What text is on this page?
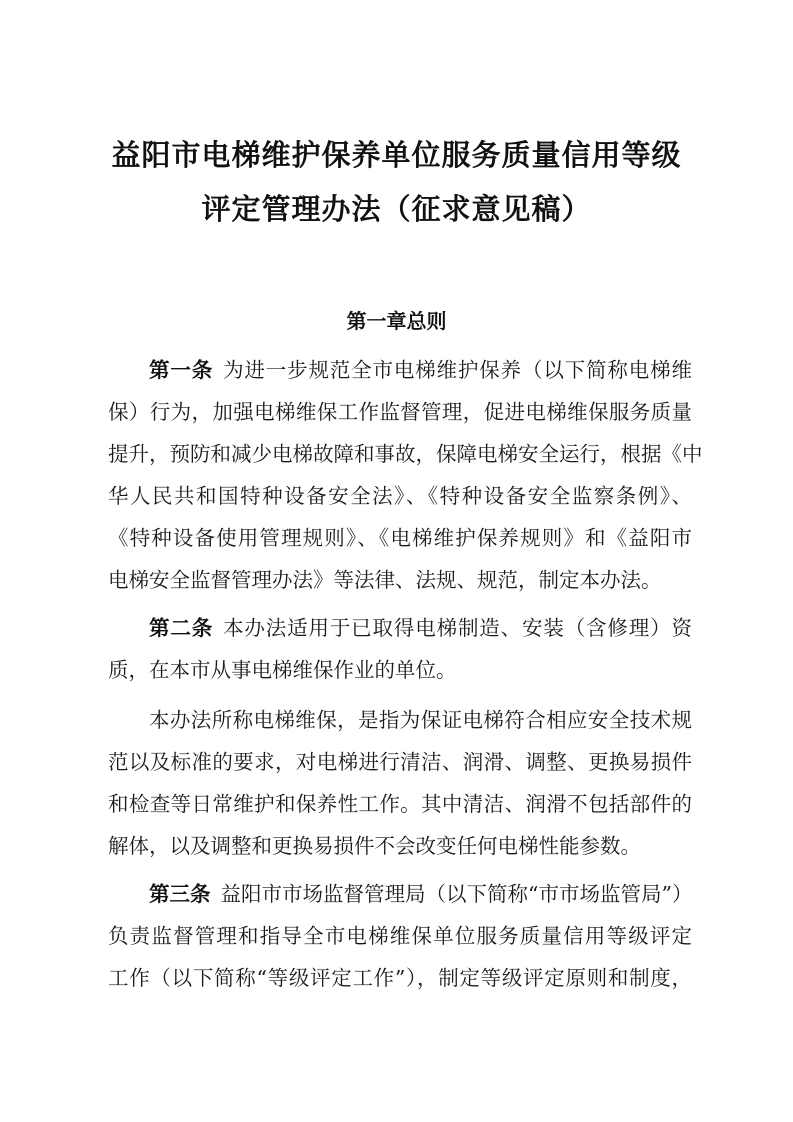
益阳市电梯维护保养单位服务质量信用等级
评定管理办法（征求意见稿）
第一章总则
第一条 为进一步规范全市电梯维护保养（以下简称电梯维
保）行为，加强电梯维保工作监督管理，促进电梯维保服务质量
提升，预防和减少电梯故障和事故，保障电梯安全运行，根据《中
华人民共和国特种设备安全法》、《特种设备安全监察条例》、
《特种设备使用管理规则》、《电梯维护保养规则》和《益阳市
电梯安全监督管理办法》等法律、法规、规范，制定本办法。
第二条 本办法适用于已取得电梯制造、安装（含修理）资
质，在本市从事电梯维保作业的单位。
本办法所称电梯维保，是指为保证电梯符合相应安全技术规
范以及标准的要求，对电梯进行清洁、润滑、调整、更换易损件
和检查等日常维护和保养性工作。其中清洁、润滑不包括部件的
解体，以及调整和更换易损件不会改变任何电梯性能参数。
第三条 益阳市市场监督管理局（以下简称“市市场监管局”）
负责监督管理和指导全市电梯维保单位服务质量信用等级评定
工作（以下简称“等级评定工作”），制定等级评定原则和制度，
